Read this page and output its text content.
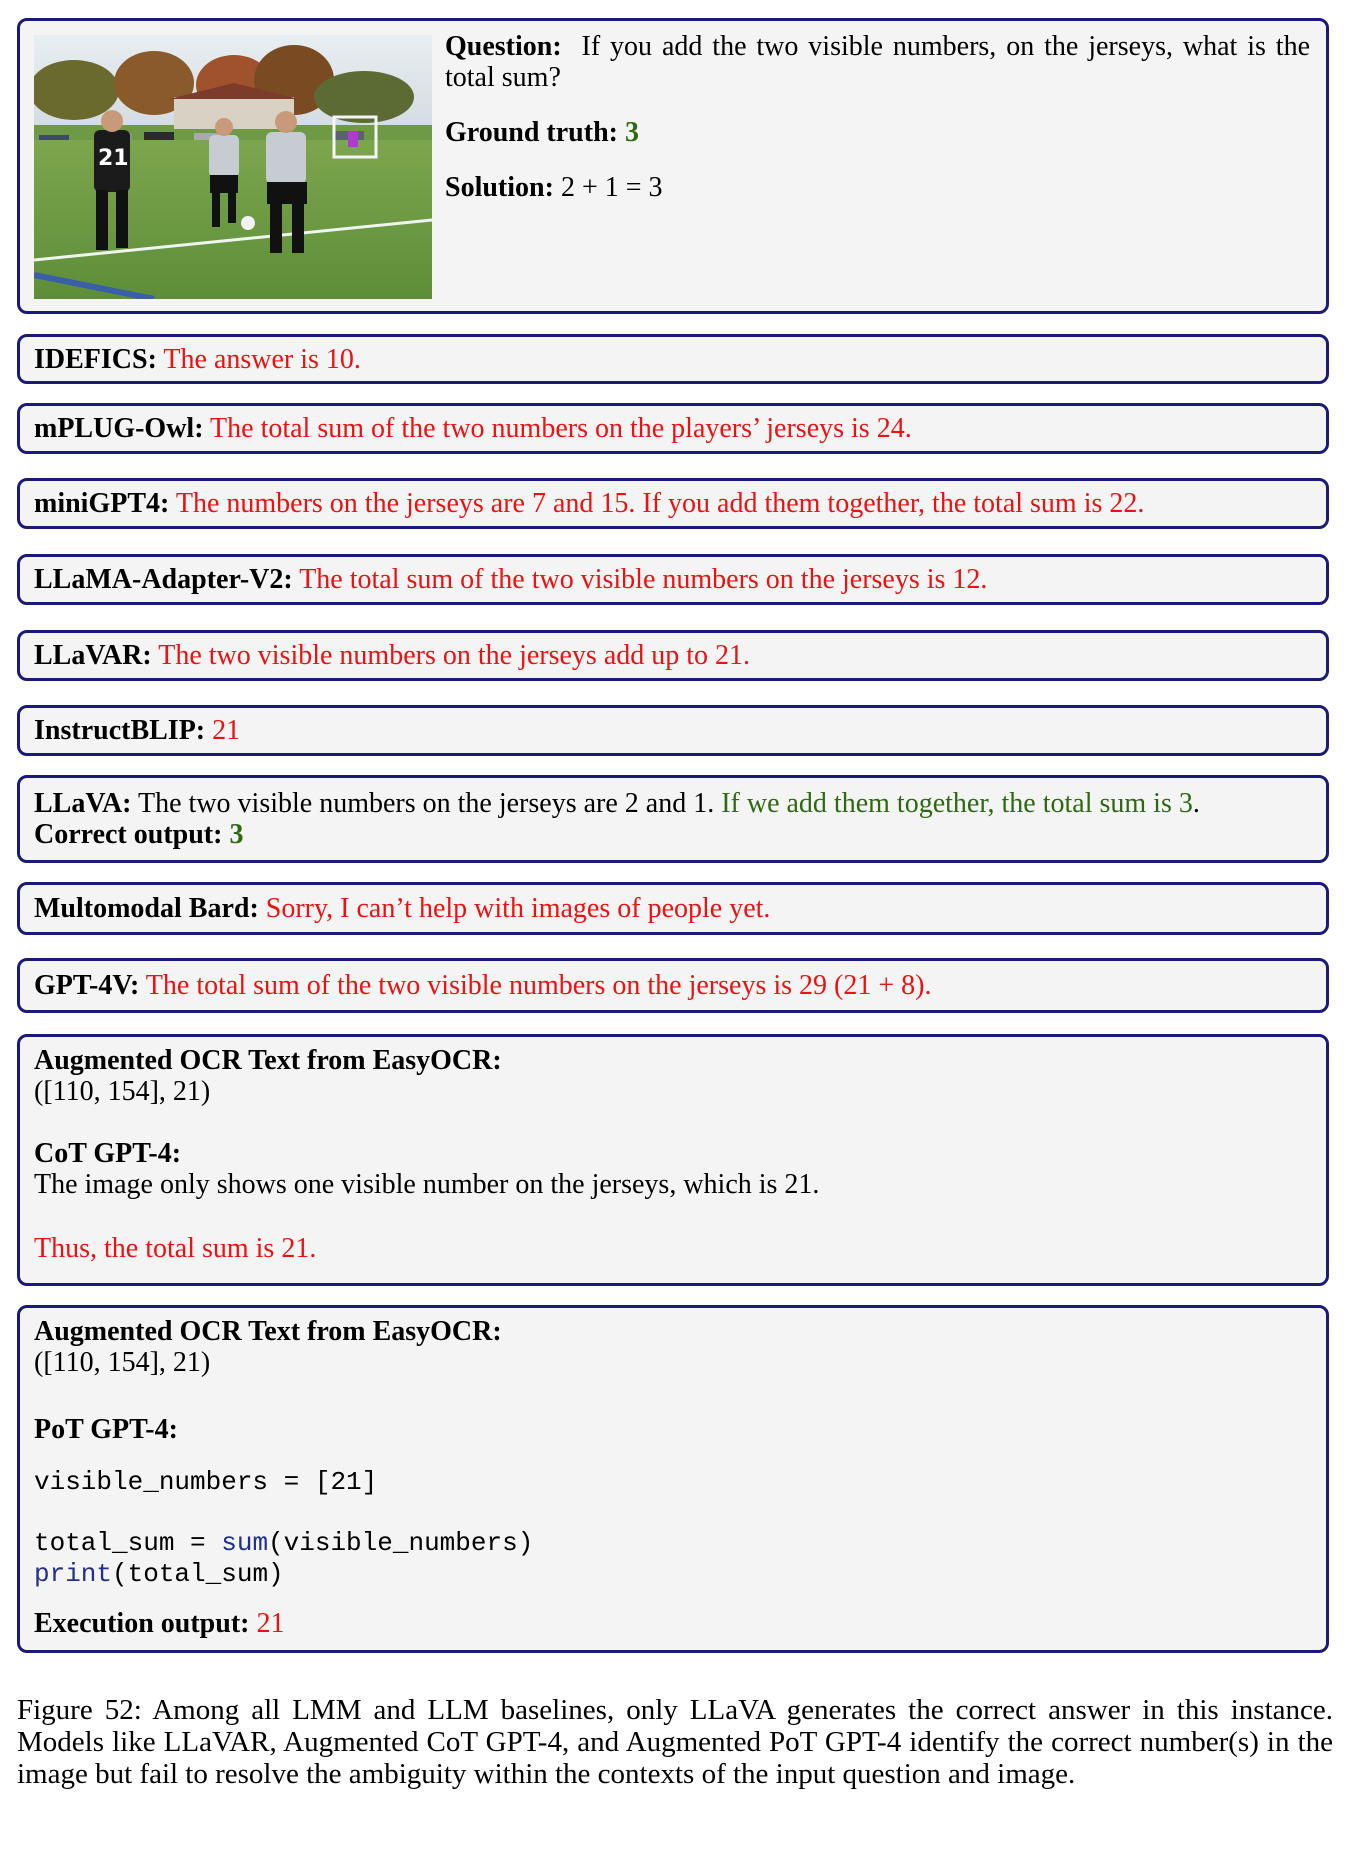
21

Question: If you add the two visible numbers, on the jerseys, what is the total sum?

Ground truth: 3

Solution: 2 + 1 = 3

IDEFICS: The answer is 10.
mPLUG-Owl: The total sum of the two numbers on the players’ jerseys is 24.
miniGPT4: The numbers on the jerseys are 7 and 15. If you add them together, the total sum is 22.
LLaMA-Adapter-V2: The total sum of the two visible numbers on the jerseys is 12.
LLaVAR: The two visible numbers on the jerseys add up to 21.
InstructBLIP: 21

LLaVA: The two visible numbers on the jerseys are 2 and 1. If we add them together, the total sum is 3.

Correct output: 3

Multomodal Bard: Sorry, I can’t help with images of people yet.
GPT-4V: The total sum of the two visible numbers on the jerseys is 29 (21 + 8).

Augmented OCR Text from EasyOCR:

([110, 154], 21)

CoT GPT-4:

The image only shows one visible number on the jerseys, which is 21.

Thus, the total sum is 21.

Augmented OCR Text from EasyOCR:

([110, 154], 21)

PoT GPT-4:

visible_numbers = [21]

total_sum = sum(visible_numbers)

print(total_sum)

Execution output: 21

Figure 52: Among all LMM and LLM baselines, only LLaVA generates the correct answer in this instance. Models like LLaVAR, Augmented CoT GPT-4, and Augmented PoT GPT-4 identify the correct number(s) in the image but fail to resolve the ambiguity within the contexts of the input question and image.
